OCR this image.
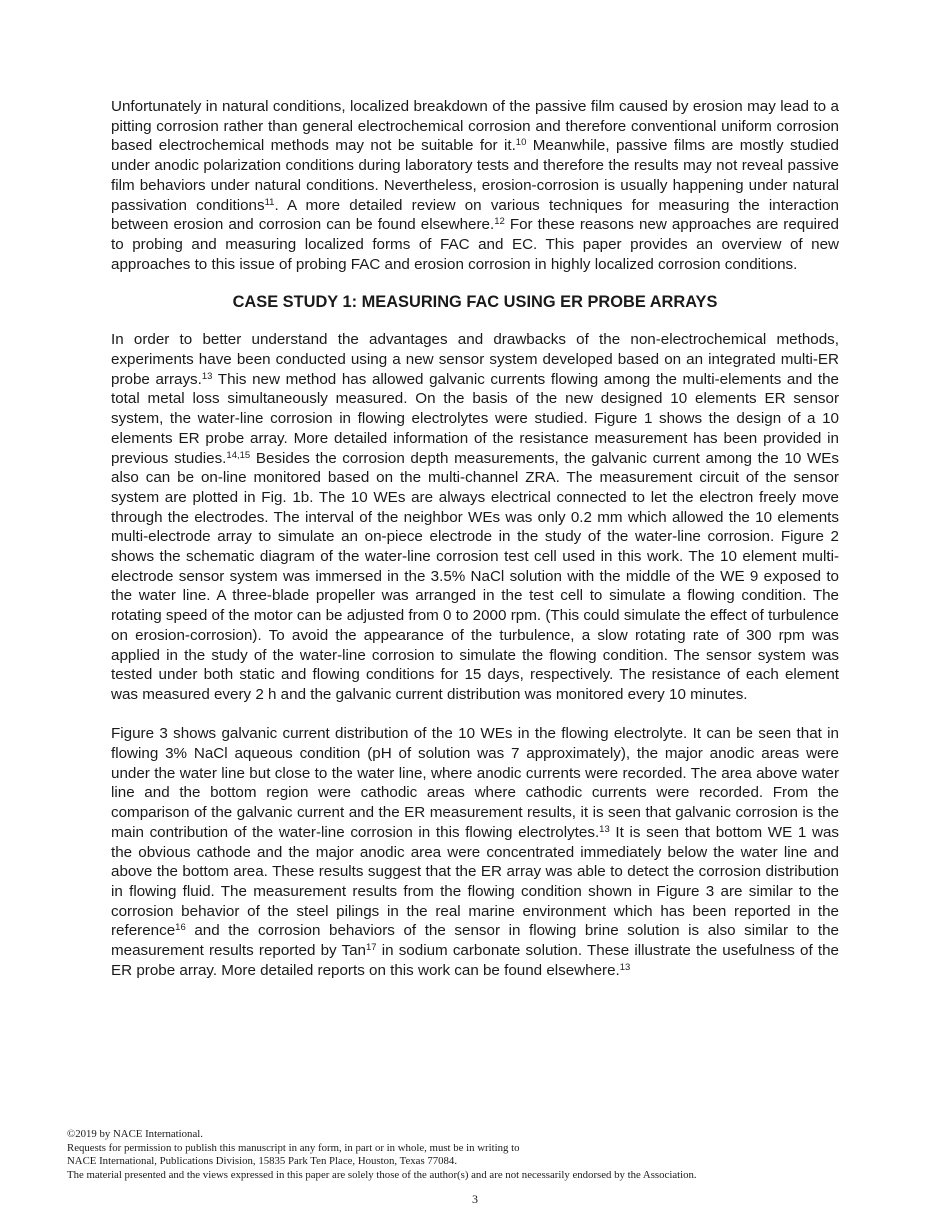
Unfortunately in natural conditions, localized breakdown of the passive film caused by erosion may lead to a pitting corrosion rather than general electrochemical corrosion and therefore conventional uniform corrosion based electrochemical methods may not be suitable for it.$^{10}$ Meanwhile, passive films are mostly studied under anodic polarization conditions during laboratory tests and therefore the results may not reveal passive film behaviors under natural conditions. Nevertheless, erosion-corrosion is usually happening under natural passivation conditions$^{11}$. A more detailed review on various techniques for measuring the interaction between erosion and corrosion can be found elsewhere.$^{12}$ For these reasons new approaches are required to probing and measuring localized forms of FAC and EC. This paper provides an overview of new approaches to this issue of probing FAC and erosion corrosion in highly localized corrosion conditions.

CASE STUDY 1: MEASURING FAC USING ER PROBE ARRAYS

In order to better understand the advantages and drawbacks of the non-electrochemical methods, experiments have been conducted using a new sensor system developed based on an integrated multi-ER probe arrays.$^{13}$ This new method has allowed galvanic currents flowing among the multi-elements and the total metal loss simultaneously measured. On the basis of the new designed 10 elements ER sensor system, the water-line corrosion in flowing electrolytes were studied. Figure 1 shows the design of a 10 elements ER probe array. More detailed information of the resistance measurement has been provided in previous studies.$^{14,15}$ Besides the corrosion depth measurements, the galvanic current among the 10 WEs also can be on-line monitored based on the multi-channel ZRA. The measurement circuit of the sensor system are plotted in Fig. 1b. The 10 WEs are always electrical connected to let the electron freely move through the electrodes. The interval of the neighbor WEs was only 0.2 mm which allowed the 10 elements multi-electrode array to simulate an on-piece electrode in the study of the water-line corrosion. Figure 2 shows the schematic diagram of the water-line corrosion test cell used in this work. The 10 element multi-electrode sensor system was immersed in the 3.5% NaCl solution with the middle of the WE 9 exposed to the water line. A three-blade propeller was arranged in the test cell to simulate a flowing condition. The rotating speed of the motor can be adjusted from 0 to 2000 rpm. (This could simulate the effect of turbulence on erosion-corrosion). To avoid the appearance of the turbulence, a slow rotating rate of 300 rpm was applied in the study of the water-line corrosion to simulate the flowing condition. The sensor system was tested under both static and flowing conditions for 15 days, respectively. The resistance of each element was measured every 2 h and the galvanic current distribution was monitored every 10 minutes.

Figure 3 shows galvanic current distribution of the 10 WEs in the flowing electrolyte. It can be seen that in flowing 3% NaCl aqueous condition (pH of solution was 7 approximately), the major anodic areas were under the water line but close to the water line, where anodic currents were recorded. The area above water line and the bottom region were cathodic areas where cathodic currents were recorded. From the comparison of the galvanic current and the ER measurement results, it is seen that galvanic corrosion is the main contribution of the water-line corrosion in this flowing electrolytes.$^{13}$ It is seen that bottom WE 1 was the obvious cathode and the major anodic area were concentrated immediately below the water line and above the bottom area. These results suggest that the ER array was able to detect the corrosion distribution in flowing fluid. The measurement results from the flowing condition shown in Figure 3 are similar to the corrosion behavior of the steel pilings in the real marine environment which has been reported in the reference$^{16}$ and the corrosion behaviors of the sensor in flowing brine solution is also similar to the measurement results reported by Tan$^{17}$ in sodium carbonate solution. These illustrate the usefulness of the ER probe array. More detailed reports on this work can be found elsewhere.$^{13}$

©2019 by NACE International.
Requests for permission to publish this manuscript in any form, in part or in whole, must be in writing to
NACE International, Publications Division, 15835 Park Ten Place, Houston, Texas 77084.
The material presented and the views expressed in this paper are solely those of the author(s) and are not necessarily endorsed by the Association.
3
